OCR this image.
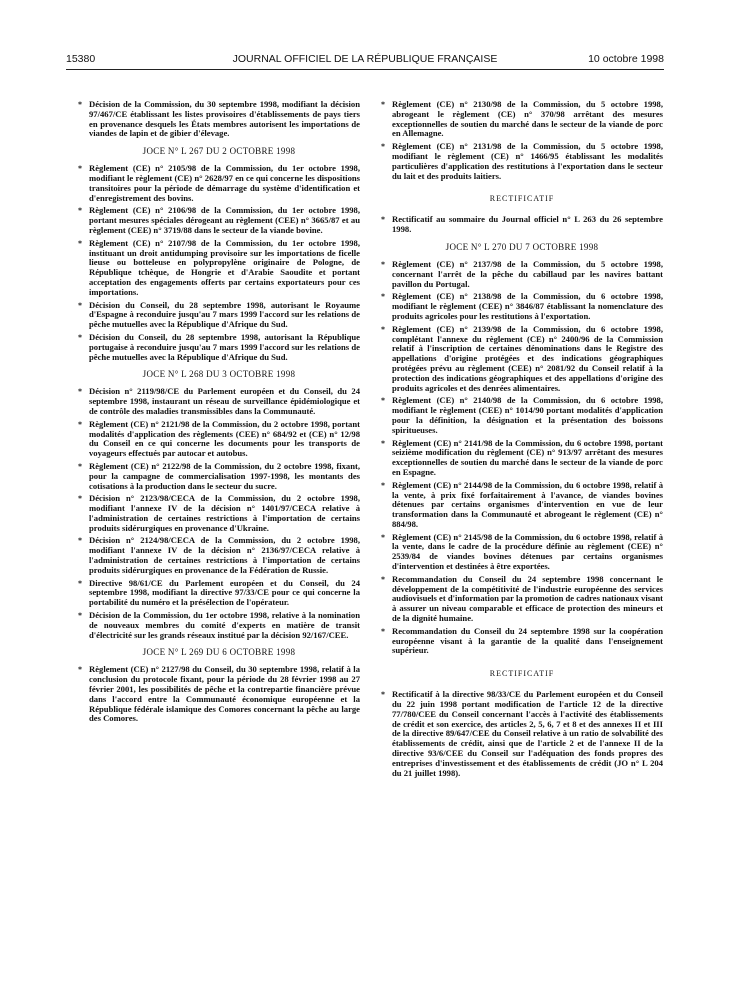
15380	JOURNAL OFFICIEL DE LA RÉPUBLIQUE FRANÇAISE	10 octobre 1998
* Décision de la Commission, du 30 septembre 1998, modifiant la décision 97/467/CE établissant les listes provisoires d'établissements de pays tiers en provenance desquels les États membres autorisent les importations de viandes de lapin et de gibier d'élevage.
JOCE N° L 267 DU 2 OCTOBRE 1998
* Règlement (CE) n° 2105/98 de la Commission, du 1er octobre 1998, modifiant le règlement (CE) n° 2628/97 en ce qui concerne les dispositions transitoires pour la période de démarrage du système d'identification et d'enregistrement des bovins.
* Règlement (CE) n° 2106/98 de la Commission, du 1er octobre 1998, portant mesures spéciales dérogeant au règlement (CEE) n° 3665/87 et au règlement (CEE) n° 3719/88 dans le secteur de la viande bovine.
* Règlement (CE) n° 2107/98 de la Commission, du 1er octobre 1998, instituant un droit antidumping provisoire sur les importations de ficelle lieuse ou botteleuse en polypropylène originaire de Pologne, de République tchèque, de Hongrie et d'Arabie Saoudite et portant acceptation des engagements offerts par certains exportateurs pour ces importations.
* Décision du Conseil, du 28 septembre 1998, autorisant le Royaume d'Espagne à reconduire jusqu'au 7 mars 1999 l'accord sur les relations de pêche mutuelles avec la République d'Afrique du Sud.
* Décision du Conseil, du 28 septembre 1998, autorisant la République portugaise à reconduire jusqu'au 7 mars 1999 l'accord sur les relations de pêche mutuelles avec la République d'Afrique du Sud.
JOCE N° L 268 DU 3 OCTOBRE 1998
* Décision n° 2119/98/CE du Parlement européen et du Conseil, du 24 septembre 1998, instaurant un réseau de surveillance épidémiologique et de contrôle des maladies transmissibles dans la Communauté.
* Règlement (CE) n° 2121/98 de la Commission, du 2 octobre 1998, portant modalités d'application des règlements (CEE) n° 684/92 et (CE) n° 12/98 du Conseil en ce qui concerne les documents pour les transports de voyageurs effectués par autocar et autobus.
* Règlement (CE) n° 2122/98 de la Commission, du 2 octobre 1998, fixant, pour la campagne de commercialisation 1997-1998, les montants des cotisations à la production dans le secteur du sucre.
* Décision n° 2123/98/CECA de la Commission, du 2 octobre 1998, modifiant l'annexe IV de la décision n° 1401/97/CECA relative à l'administration de certaines restrictions à l'importation de certains produits sidérurgiques en provenance d'Ukraine.
* Décision n° 2124/98/CECA de la Commission, du 2 octobre 1998, modifiant l'annexe IV de la décision n° 2136/97/CECA relative à l'administration de certaines restrictions à l'importation de certains produits sidérurgiques en provenance de la Fédération de Russie.
* Directive 98/61/CE du Parlement européen et du Conseil, du 24 septembre 1998, modifiant la directive 97/33/CE pour ce qui concerne la portabilité du numéro et la présélection de l'opérateur.
* Décision de la Commission, du 1er octobre 1998, relative à la nomination de nouveaux membres du comité d'experts en matière de transit d'électricité sur les grands réseaux institué par la décision 92/167/CEE.
JOCE N° L 269 DU 6 OCTOBRE 1998
* Règlement (CE) n° 2127/98 du Conseil, du 30 septembre 1998, relatif à la conclusion du protocole fixant, pour la période du 28 février 1998 au 27 février 2001, les possibilités de pêche et la contrepartie financière prévue dans l'accord entre la Communauté économique européenne et la République fédérale islamique des Comores concernant la pêche au large des Comores.
* Règlement (CE) n° 2130/98 de la Commission, du 5 octobre 1998, abrogeant le règlement (CE) n° 370/98 arrêtant des mesures exceptionnelles de soutien du marché dans le secteur de la viande de porc en Allemagne.
* Règlement (CE) n° 2131/98 de la Commission, du 5 octobre 1998, modifiant le règlement (CE) n° 1466/95 établissant les modalités particulières d'application des restitutions à l'exportation dans le secteur du lait et des produits laitiers.
RECTIFICATIF
* Rectificatif au sommaire du Journal officiel n° L 263 du 26 septembre 1998.
JOCE N° L 270 DU 7 OCTOBRE 1998
* Règlement (CE) n° 2137/98 de la Commission, du 5 octobre 1998, concernant l'arrêt de la pêche du cabillaud par les navires battant pavillon du Portugal.
* Règlement (CE) n° 2138/98 de la Commission, du 6 octobre 1998, modifiant le règlement (CEE) n° 3846/87 établissant la nomenclature des produits agricoles pour les restitutions à l'exportation.
* Règlement (CE) n° 2139/98 de la Commission, du 6 octobre 1998, complétant l'annexe du règlement (CE) n° 2400/96 de la Commission relatif à l'inscription de certaines dénominations dans le Registre des appellations d'origine protégées et des indications géographiques protégées prévu au règlement (CEE) n° 2081/92 du Conseil relatif à la protection des indications géographiques et des appellations d'origine des produits agricoles et des denrées alimentaires.
* Règlement (CE) n° 2140/98 de la Commission, du 6 octobre 1998, modifiant le règlement (CEE) n° 1014/90 portant modalités d'application pour la définition, la désignation et la présentation des boissons spiritueuses.
* Règlement (CE) n° 2141/98 de la Commission, du 6 octobre 1998, portant seizième modification du règlement (CE) n° 913/97 arrêtant des mesures exceptionnelles de soutien du marché dans le secteur de la viande de porc en Espagne.
* Règlement (CE) n° 2144/98 de la Commission, du 6 octobre 1998, relatif à la vente, à prix fixé forfaitairement à l'avance, de viandes bovines détenues par certains organismes d'intervention en vue de leur transformation dans la Communauté et abrogeant le règlement (CE) n° 884/98.
* Règlement (CE) n° 2145/98 de la Commission, du 6 octobre 1998, relatif à la vente, dans le cadre de la procédure définie au règlement (CEE) n° 2539/84 de viandes bovines détenues par certains organismes d'intervention et destinées à être exportées.
* Recommandation du Conseil du 24 septembre 1998 concernant le développement de la compétitivité de l'industrie européenne des services audiovisuels et d'information par la promotion de cadres nationaux visant à assurer un niveau comparable et efficace de protection des mineurs et de la dignité humaine.
* Recommandation du Conseil du 24 septembre 1998 sur la coopération européenne visant à la garantie de la qualité dans l'enseignement supérieur.
RECTIFICATIF
* Rectificatif à la directive 98/33/CE du Parlement européen et du Conseil du 22 juin 1998 portant modification de l'article 12 de la directive 77/780/CEE du Conseil concernant l'accès à l'activité des établissements de crédit et son exercice, des articles 2, 5, 6, 7 et 8 et des annexes II et III de la directive 89/647/CEE du Conseil relative à un ratio de solvabilité des établissements de crédit, ainsi que de l'article 2 et de l'annexe II de la directive 93/6/CEE du Conseil sur l'adéquation des fonds propres des entreprises d'investissement et des établissements de crédit (JO n° L 204 du 21 juillet 1998).
